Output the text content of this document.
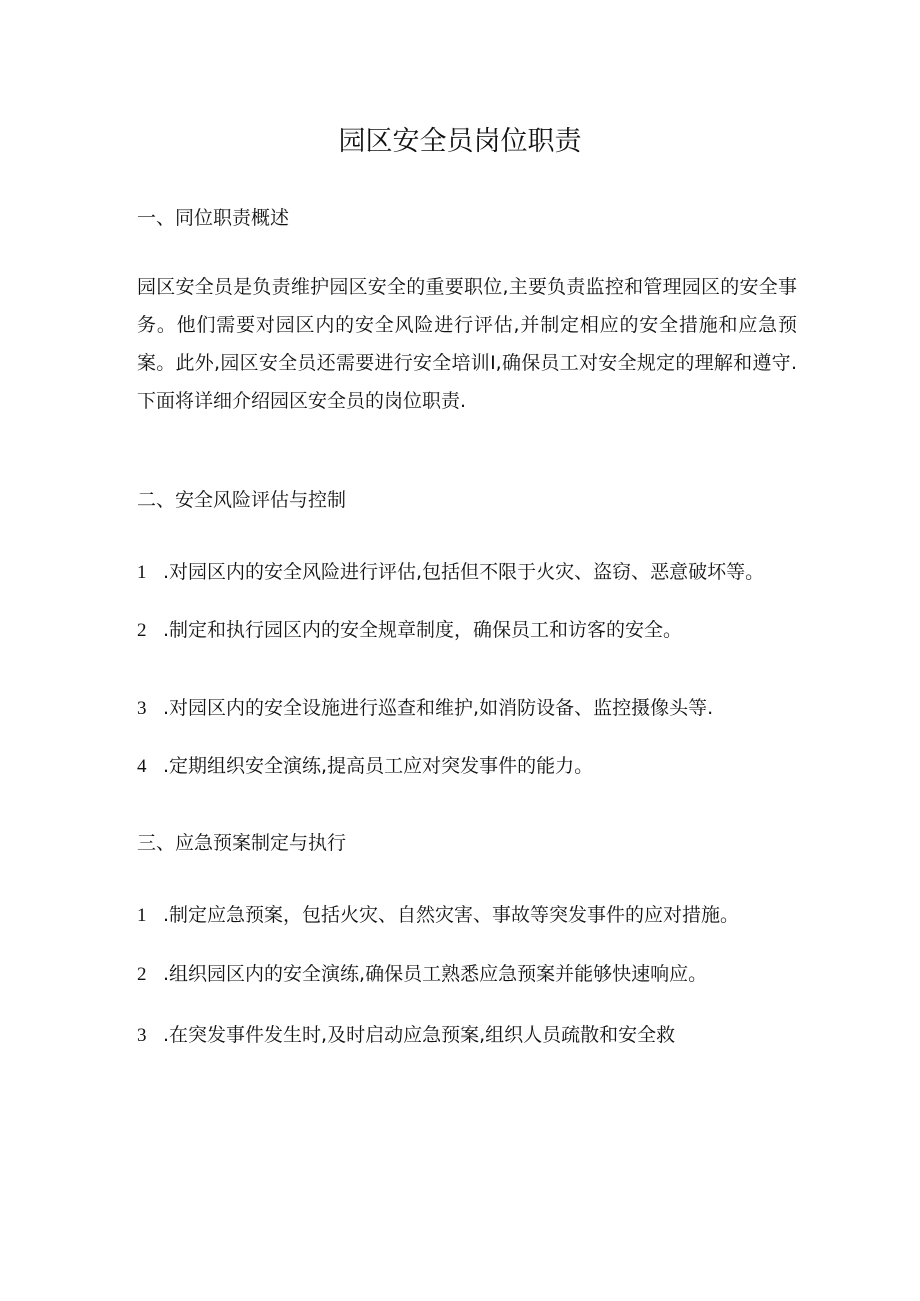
园区安全员岗位职责
一、同位职责概述

园区安全员是负责维护园区安全的重要职位,主要负责监控和管理园区的安全事务。他们需要对园区内的安全风险进行评估,并制定相应的安全措施和应急预案。此外,园区安全员还需要进行安全培训I,确保员工对安全规定的理解和遵守.下面将详细介绍园区安全员的岗位职责.

二、安全风险评估与控制
1 .对园区内的安全风险进行评估,包括但不限于火灾、盗窃、恶意破坏等。
2 .制定和执行园区内的安全规章制度，确保员工和访客的安全。
3 .对园区内的安全设施进行巡查和维护,如消防设备、监控摄像头等.
4 .定期组织安全演练,提高员工应对突发事件的能力。
三、应急预案制定与执行
1 .制定应急预案，包括火灾、自然灾害、事故等突发事件的应对措施。
2 .组织园区内的安全演练,确保员工熟悉应急预案并能够快速响应。
3 .在突发事件发生时,及时启动应急预案,组织人员疏散和安全救
